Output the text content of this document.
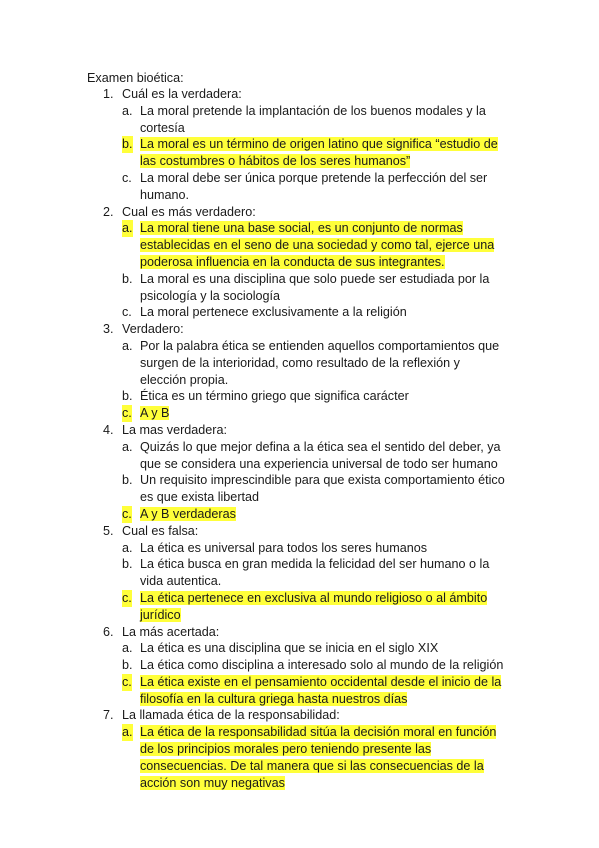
Examen bioética:
1. Cuál es la verdadera:
a. La moral pretende la implantación de los buenos modales y la cortesía
b. La moral es un término de origen latino que significa “estudio de las costumbres o hábitos de los seres humanos”
c. La moral debe ser única porque pretende la perfección del ser humano.
2. Cual es más verdadero:
a. La moral tiene una base social, es un conjunto de normas establecidas en el seno de una sociedad y como tal, ejerce una poderosa influencia en la conducta de sus integrantes.
b. La moral es una disciplina que solo puede ser estudiada por la psicología y la sociología
c. La moral pertenece exclusivamente a la religión
3. Verdadero:
a. Por la palabra ética se entienden aquellos comportamientos que surgen de la interioridad, como resultado de la reflexión y elección propia.
b. Ética es un término griego que significa carácter
c. A y B
4. La mas verdadera:
a. Quizás lo que mejor defina a la ética sea el sentido del deber, ya que se considera una experiencia universal de todo ser humano
b. Un requisito imprescindible para que exista comportamiento ético es que exista libertad
c. A y B verdaderas
5. Cual es falsa:
a. La ética es universal para todos los seres humanos
b. La ética busca en gran medida la felicidad del ser humano o la vida autentica.
c. La ética pertenece en exclusiva al mundo religioso o al ámbito jurídico
6. La más acertada:
a. La ética es una disciplina que se inicia en el siglo XIX
b. La ética como disciplina a interesado solo al mundo de la religión
c. La ética existe en el pensamiento occidental desde el inicio de la filosofía en la cultura griega hasta nuestros días
7. La llamada ética de la responsabilidad:
a. La ética de la responsabilidad sitúa la decisión moral en función de los principios morales pero teniendo presente las consecuencias. De tal manera que si las consecuencias de la acción son muy negativas
